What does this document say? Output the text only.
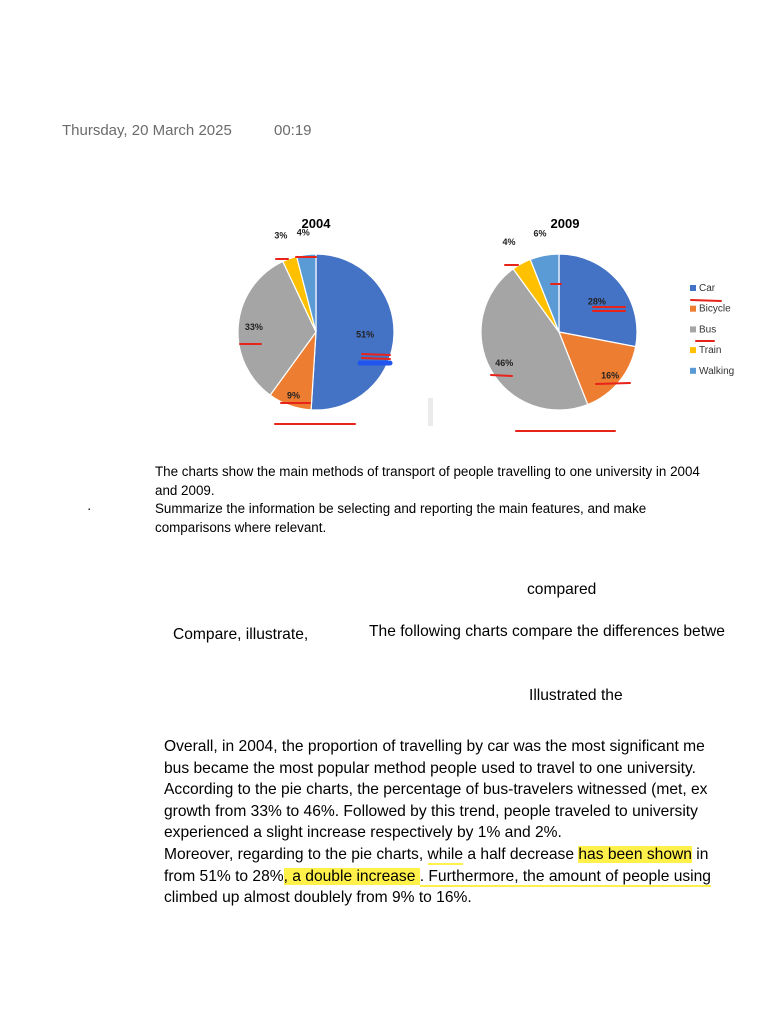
Thursday, 20 March 2025	00:19
2004	2009
51%
9%
33%
3% 4%
28%
16%
46%
4%
6%
Car
Bicycle
Bus
Train
Walking
The charts show the main methods of transport of people travelling to one university in 2004
and 2009.
·	Summarize the information be selecting and reporting the main features, and make
comparisons where relevant.
compared
Compare, illustrate,	The following charts compare the differences betwe
Illustrated the
Overall, in 2004, the proportion of travelling by car was the most significant me
bus became the most popular method people used to travel to one university.
According to the pie charts, the percentage of bus-travelers witnessed (met, ex
growth from 33% to 46%. Followed by this trend, people traveled to university
experienced a slight increase respectively by 1% and 2%.
Moreover, regarding to the pie charts, while a half decrease has been shown in
from 51% to 28%, a double increase . Furthermore, the amount of people using
climbed up almost doublely from 9% to 16%.
